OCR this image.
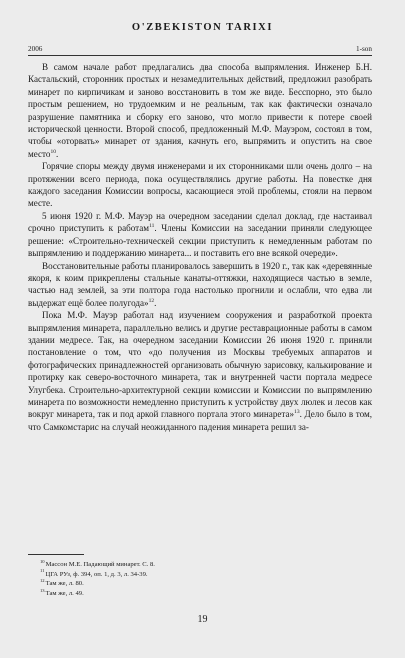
O'ZBEKISTON TARIXI
2006	1-son

В самом начале работ предлагались два способа выпрямления. Инженер Б.Н. Кастальский, сторонник простых и незамедлительных действий, предложил разобрать минарет по кирпичикам и заново восстановить в том же виде. Бесспорно, это было простым решением, но трудоемким и не реальным, так как фактически означало разрушение памятника и сборку его заново, что могло привести к потере своей исторической ценности. Второй способ, предложенный М.Ф. Мауэром, состоял в том, чтобы «оторвать» минарет от здания, качнуть его, выпрямить и опустить на свое место$^{10}$.

Горячие споры между двумя инженерами и их сторонниками шли очень долго – на протяжении всего периода, пока осуществлялись другие работы. На повестке дня каждого заседания Комиссии вопросы, касающиеся этой проблемы, стояли на первом месте.

5 июня 1920 г. М.Ф. Мауэр на очередном заседании сделал доклад, где настаивал срочно приступить к работам$^{11}$. Члены Комиссии на заседании приняли следующее решение: «Строительно-техническей секции приступить к немедленным работам по выпрямлению и поддержанию минарета... и поставить его вне всякой очереди».

Восстановительные работы планировалось завершить в 1920 г., так как «деревянные якоря, к коим прикреплены стальные канаты-оттяжки, находящиеся частью в земле, частью над землей, за эти полтора года настолько прогнили и ослабли, что едва ли выдержат ещё более полугода»$^{12}$.

Пока М.Ф. Мауэр работал над изучением сооружения и разработкой проекта выпрямления минарета, параллельно велись и другие реставрационные работы в самом здании медресе. Так, на очередном заседании Комиссии 26 июня 1920 г. приняли постановление о том, что «до получения из Москвы требуемых аппаратов и фотографических принадлежностей организовать обычную зарисовку, калькирование и протирку как северо-восточного минарета, так и внутренней части портала медресе Улугбека. Строительно-архитектурной секции комиссии и Комиссии по выпрямлению минарета по возможности немедленно приступить к устройству двух люлек и лесов как вокруг минарета, так и под аркой главного портала этого минарета»$^{13}$. Дело было в том, что Самкомстарис на случай неожиданного падения минарета решил за-

$^{10}$Массон М.Е. Падающий минарет. С. 8.
$^{11}$ЦГА РУз, ф. 394, оп. 1, д. 3, л. 34-39.
$^{12}$Там же, л. 80.
$^{13}$Там же, л. 49.
19
